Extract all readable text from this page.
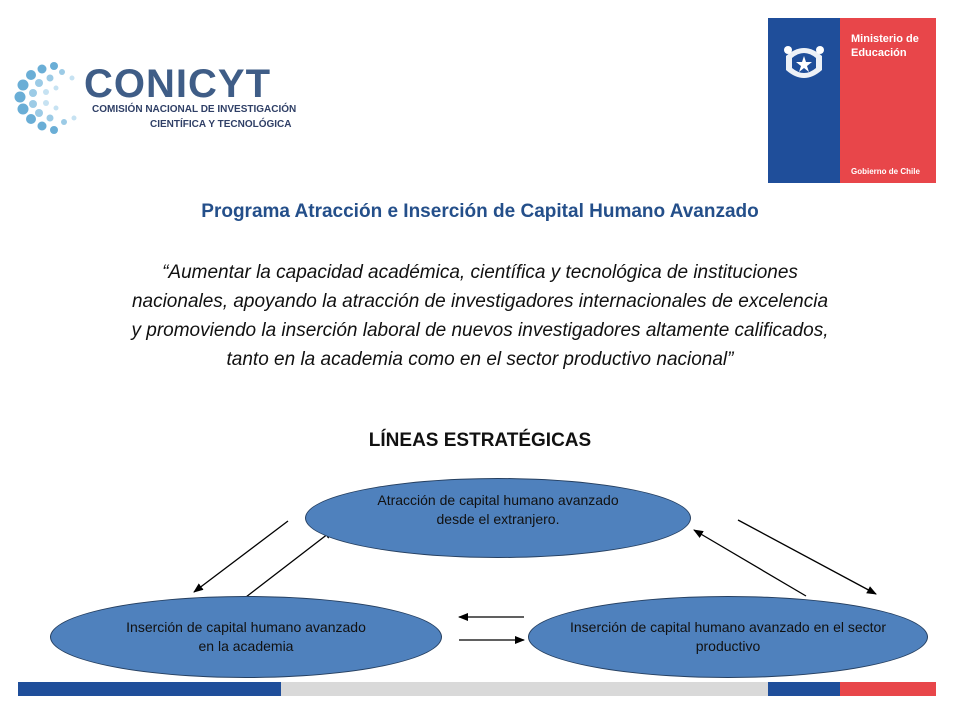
CONICYT
COMISIÓN NACIONAL DE INVESTIGACIÓN
CIENTÍFICA Y TECNOLÓGICA
Ministerio de Educación
Gobierno de Chile
Programa Atracción e Inserción de Capital Humano Avanzado
“Aumentar la capacidad académica, científica y tecnológica de instituciones nacionales, apoyando la atracción de investigadores internacionales de excelencia y promoviendo la inserción laboral de nuevos investigadores altamente calificados, tanto en la academia como en el sector productivo nacional”
LÍNEAS ESTRATÉGICAS
Atracción de capital humano avanzado desde el extranjero.
Inserción de capital humano avanzado en la academia
Inserción de capital humano avanzado en el sector productivo
